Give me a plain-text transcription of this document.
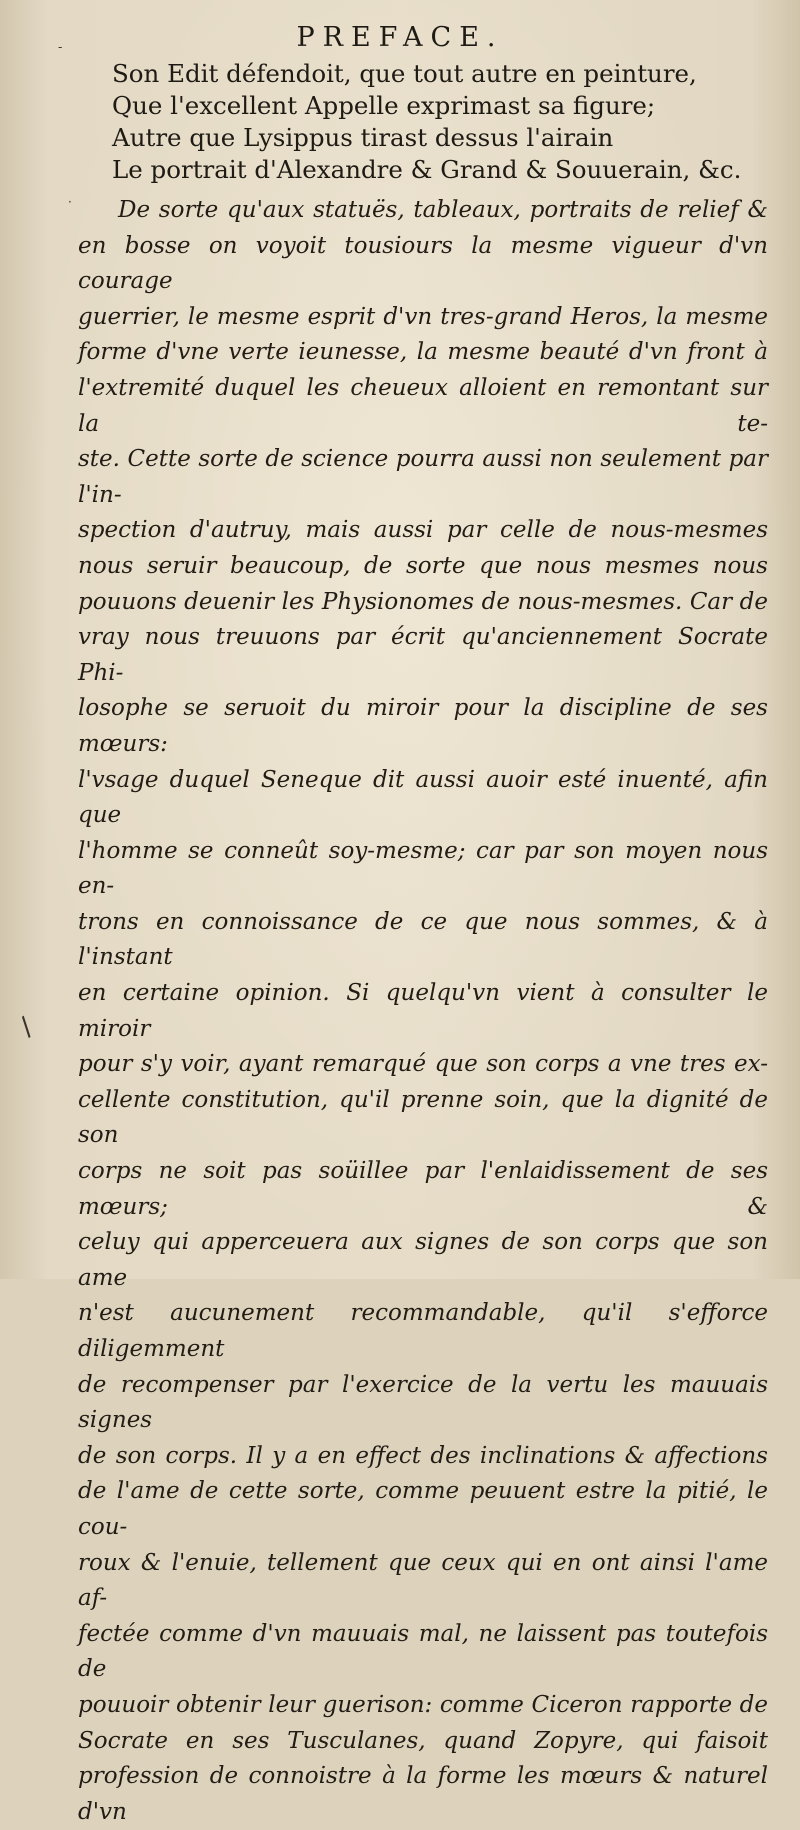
PREFACE.
Son Edit défendoit, que tout autre en peinture,
Que l'excellent Appelle exprimast sa figure;
Autre que Lysippus tirast dessus l'airain
Le portrait d'Alexandre & Grand & Souuerain, &c.
De sorte qu'aux statuës, tableaux, portraits de relief &
en bosse on voyoit tousiours la mesme vigueur d'vn courage
guerrier, le mesme esprit d'vn tres-grand Heros, la mesme
forme d'vne verte ieunesse, la mesme beauté d'vn front à
l'extremité duquel les cheueux alloient en remontant sur la te-
ste. Cette sorte de science pourra aussi non seulement par l'in-
spection d'autruy, mais aussi par celle de nous-mesmes
nous seruir beaucoup, de sorte que nous mesmes nous
pouuons deuenir les Physionomes de nous-mesmes. Car de
vray nous treuuons par écrit qu'anciennement Socrate Phi-
losophe se seruoit du miroir pour la discipline de ses mœurs:
l'vsage duquel Seneque dit aussi auoir esté inuenté, afin que
l'homme se conneût soy-mesme; car par son moyen nous en-
trons en connoissance de ce que nous sommes, & à l'instant
en certaine opinion. Si quelqu'vn vient à consulter le miroir
pour s'y voir, ayant remarqué que son corps a vne tres ex-
cellente constitution, qu'il prenne soin, que la dignité de son
corps ne soit pas soüillee par l'enlaidissement de ses mœurs; &
celuy qui apperceuera aux signes de son corps que son ame
n'est aucunement recommandable, qu'il s'efforce diligemment
de recompenser par l'exercice de la vertu les mauuais signes
de son corps. Il y a en effect des inclinations & affections
de l'ame de cette sorte, comme peuuent estre la pitié, le cou-
roux & l'enuie, tellement que ceux qui en ont ainsi l'ame af-
fectée comme d'vn mauuais mal, ne laissent pas toutefois de
pouuoir obtenir leur guerison: comme Ciceron rapporte de
Socrate en ses Tusculanes, quand Zopyre, qui faisoit
profession de connoistre à la forme les mœurs & naturel d'vn
/
-
·
